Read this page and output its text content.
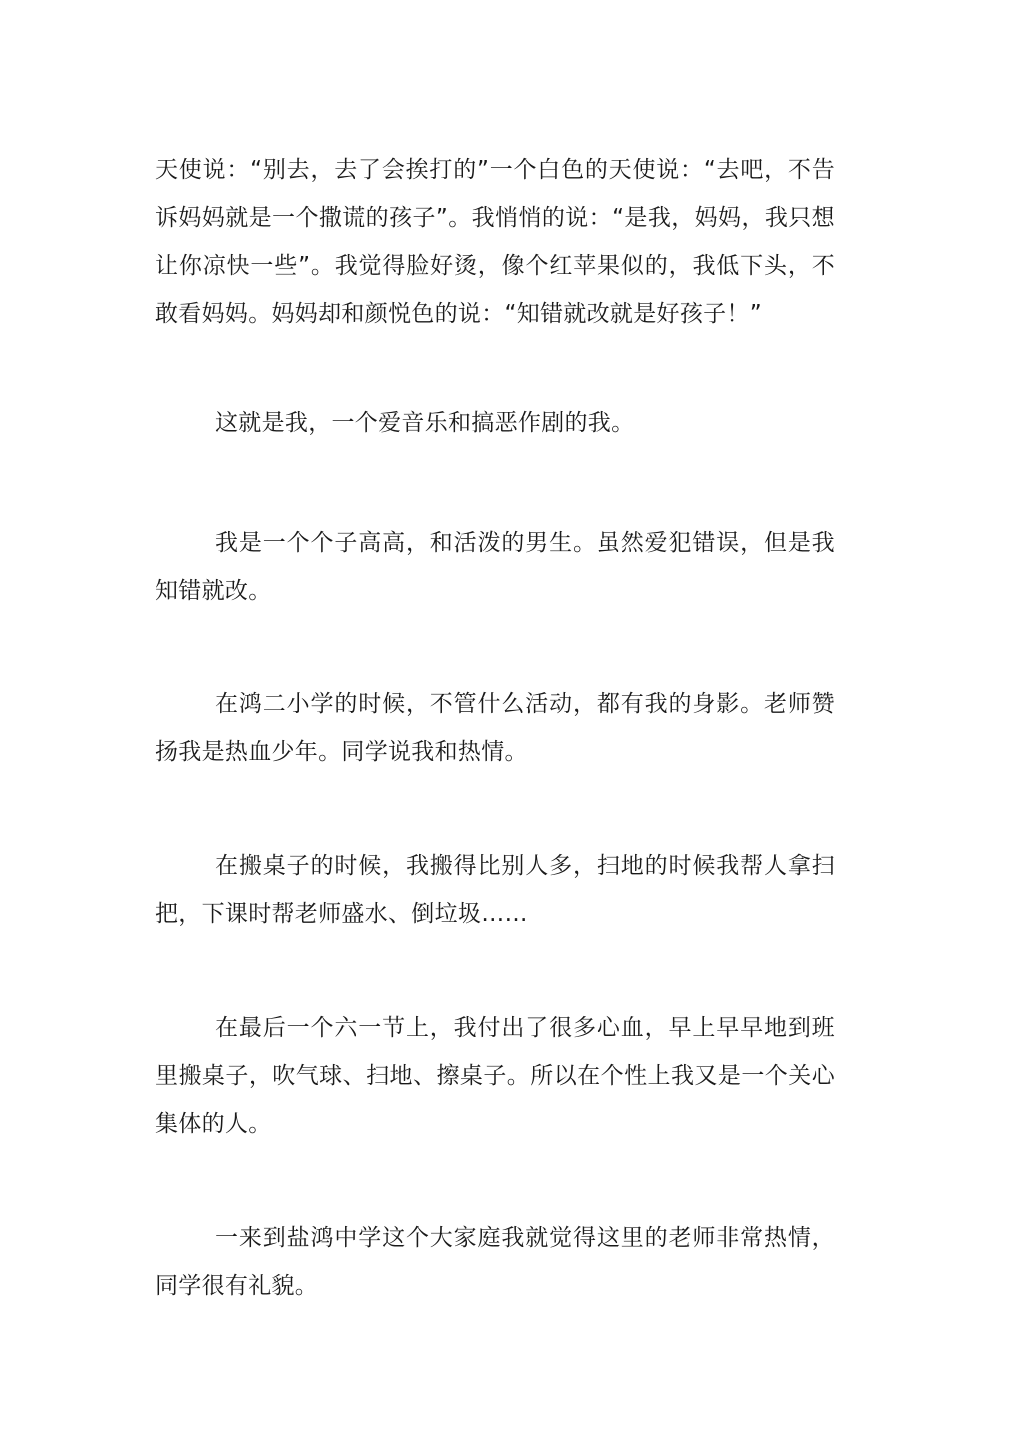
天使说：“别去，去了会挨打的”一个白色的天使说：“去吧，不告诉妈妈就是一个撒谎的孩子”。我悄悄的说：“是我，妈妈，我只想让你凉快一些”。我觉得脸好烫，像个红苹果似的，我低下头，不敢看妈妈。妈妈却和颜悦色的说：“知错就改就是好孩子！”

这就是我，一个爱音乐和搞恶作剧的我。

我是一个个子高高，和活泼的男生。虽然爱犯错误，但是我知错就改。

在鸿二小学的时候，不管什么活动，都有我的身影。老师赞扬我是热血少年。同学说我和热情。

在搬桌子的时候，我搬得比别人多，扫地的时候我帮人拿扫把，下课时帮老师盛水、倒垃圾……

在最后一个六一节上，我付出了很多心血，早上早早地到班里搬桌子，吹气球、扫地、擦桌子。所以在个性上我又是一个关心集体的人。

一来到盐鸿中学这个大家庭我就觉得这里的老师非常热情，同学很有礼貌。
